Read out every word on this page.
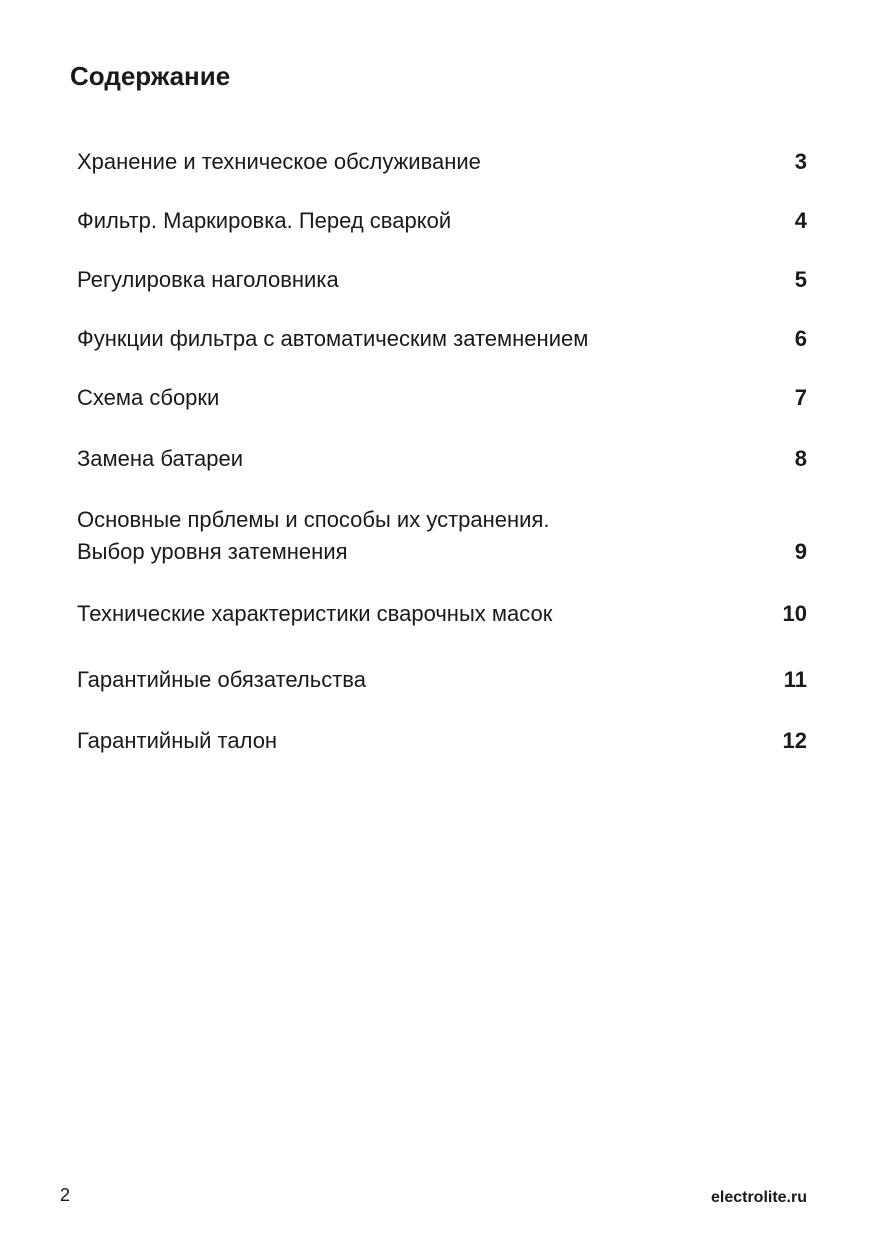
Содержание
Хранение и техническое обслуживание	3
Фильтр. Маркировка. Перед сваркой	4
Регулировка наголовника	5
Функции фильтра с автоматическим затемнением	6
Схема сборки	7
Замена батареи	8
Основные прблемы и способы их устранения.
Выбор уровня затемнения	9
Технические характеристики сварочных масок	10
Гарантийные обязательства	11
Гарантийный талон	12
2	electrolite.ru
